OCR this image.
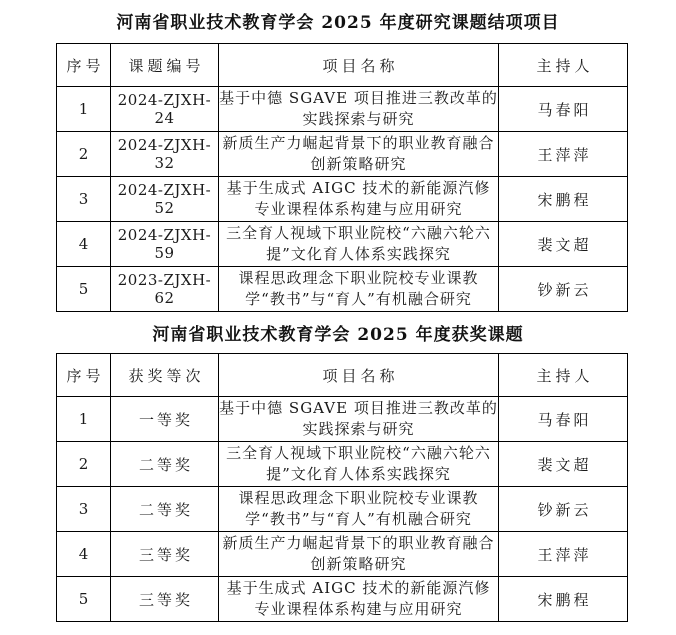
河南省职业技术教育学会 2025 年度研究课题结项项目
序号	课题编号	项目名称	主持人
1	2024-ZJXH-24	基于中德 SGAVE 项目推进三教改革的实践探索与研究	马春阳
2	2024-ZJXH-32	新质生产力崛起背景下的职业教育融合创新策略研究	王萍萍
3	2024-ZJXH-52	基于生成式 AIGC 技术的新能源汽修专业课程体系构建与应用研究	宋鹏程
4	2024-ZJXH-59	三全育人视域下职业院校“六融六轮六提”文化育人体系实践探究	裴文超
5	2023-ZJXH-62	课程思政理念下职业院校专业课教学“教书”与“育人”有机融合研究	钞新云
河南省职业技术教育学会 2025 年度获奖课题
序号	获奖等次	项目名称	主持人
1	一等奖	基于中德 SGAVE 项目推进三教改革的实践探索与研究	马春阳
2	二等奖	三全育人视域下职业院校“六融六轮六提”文化育人体系实践探究	裴文超
3	二等奖	课程思政理念下职业院校专业课教学“教书”与“育人”有机融合研究	钞新云
4	三等奖	新质生产力崛起背景下的职业教育融合创新策略研究	王萍萍
5	三等奖	基于生成式 AIGC 技术的新能源汽修专业课程体系构建与应用研究	宋鹏程
